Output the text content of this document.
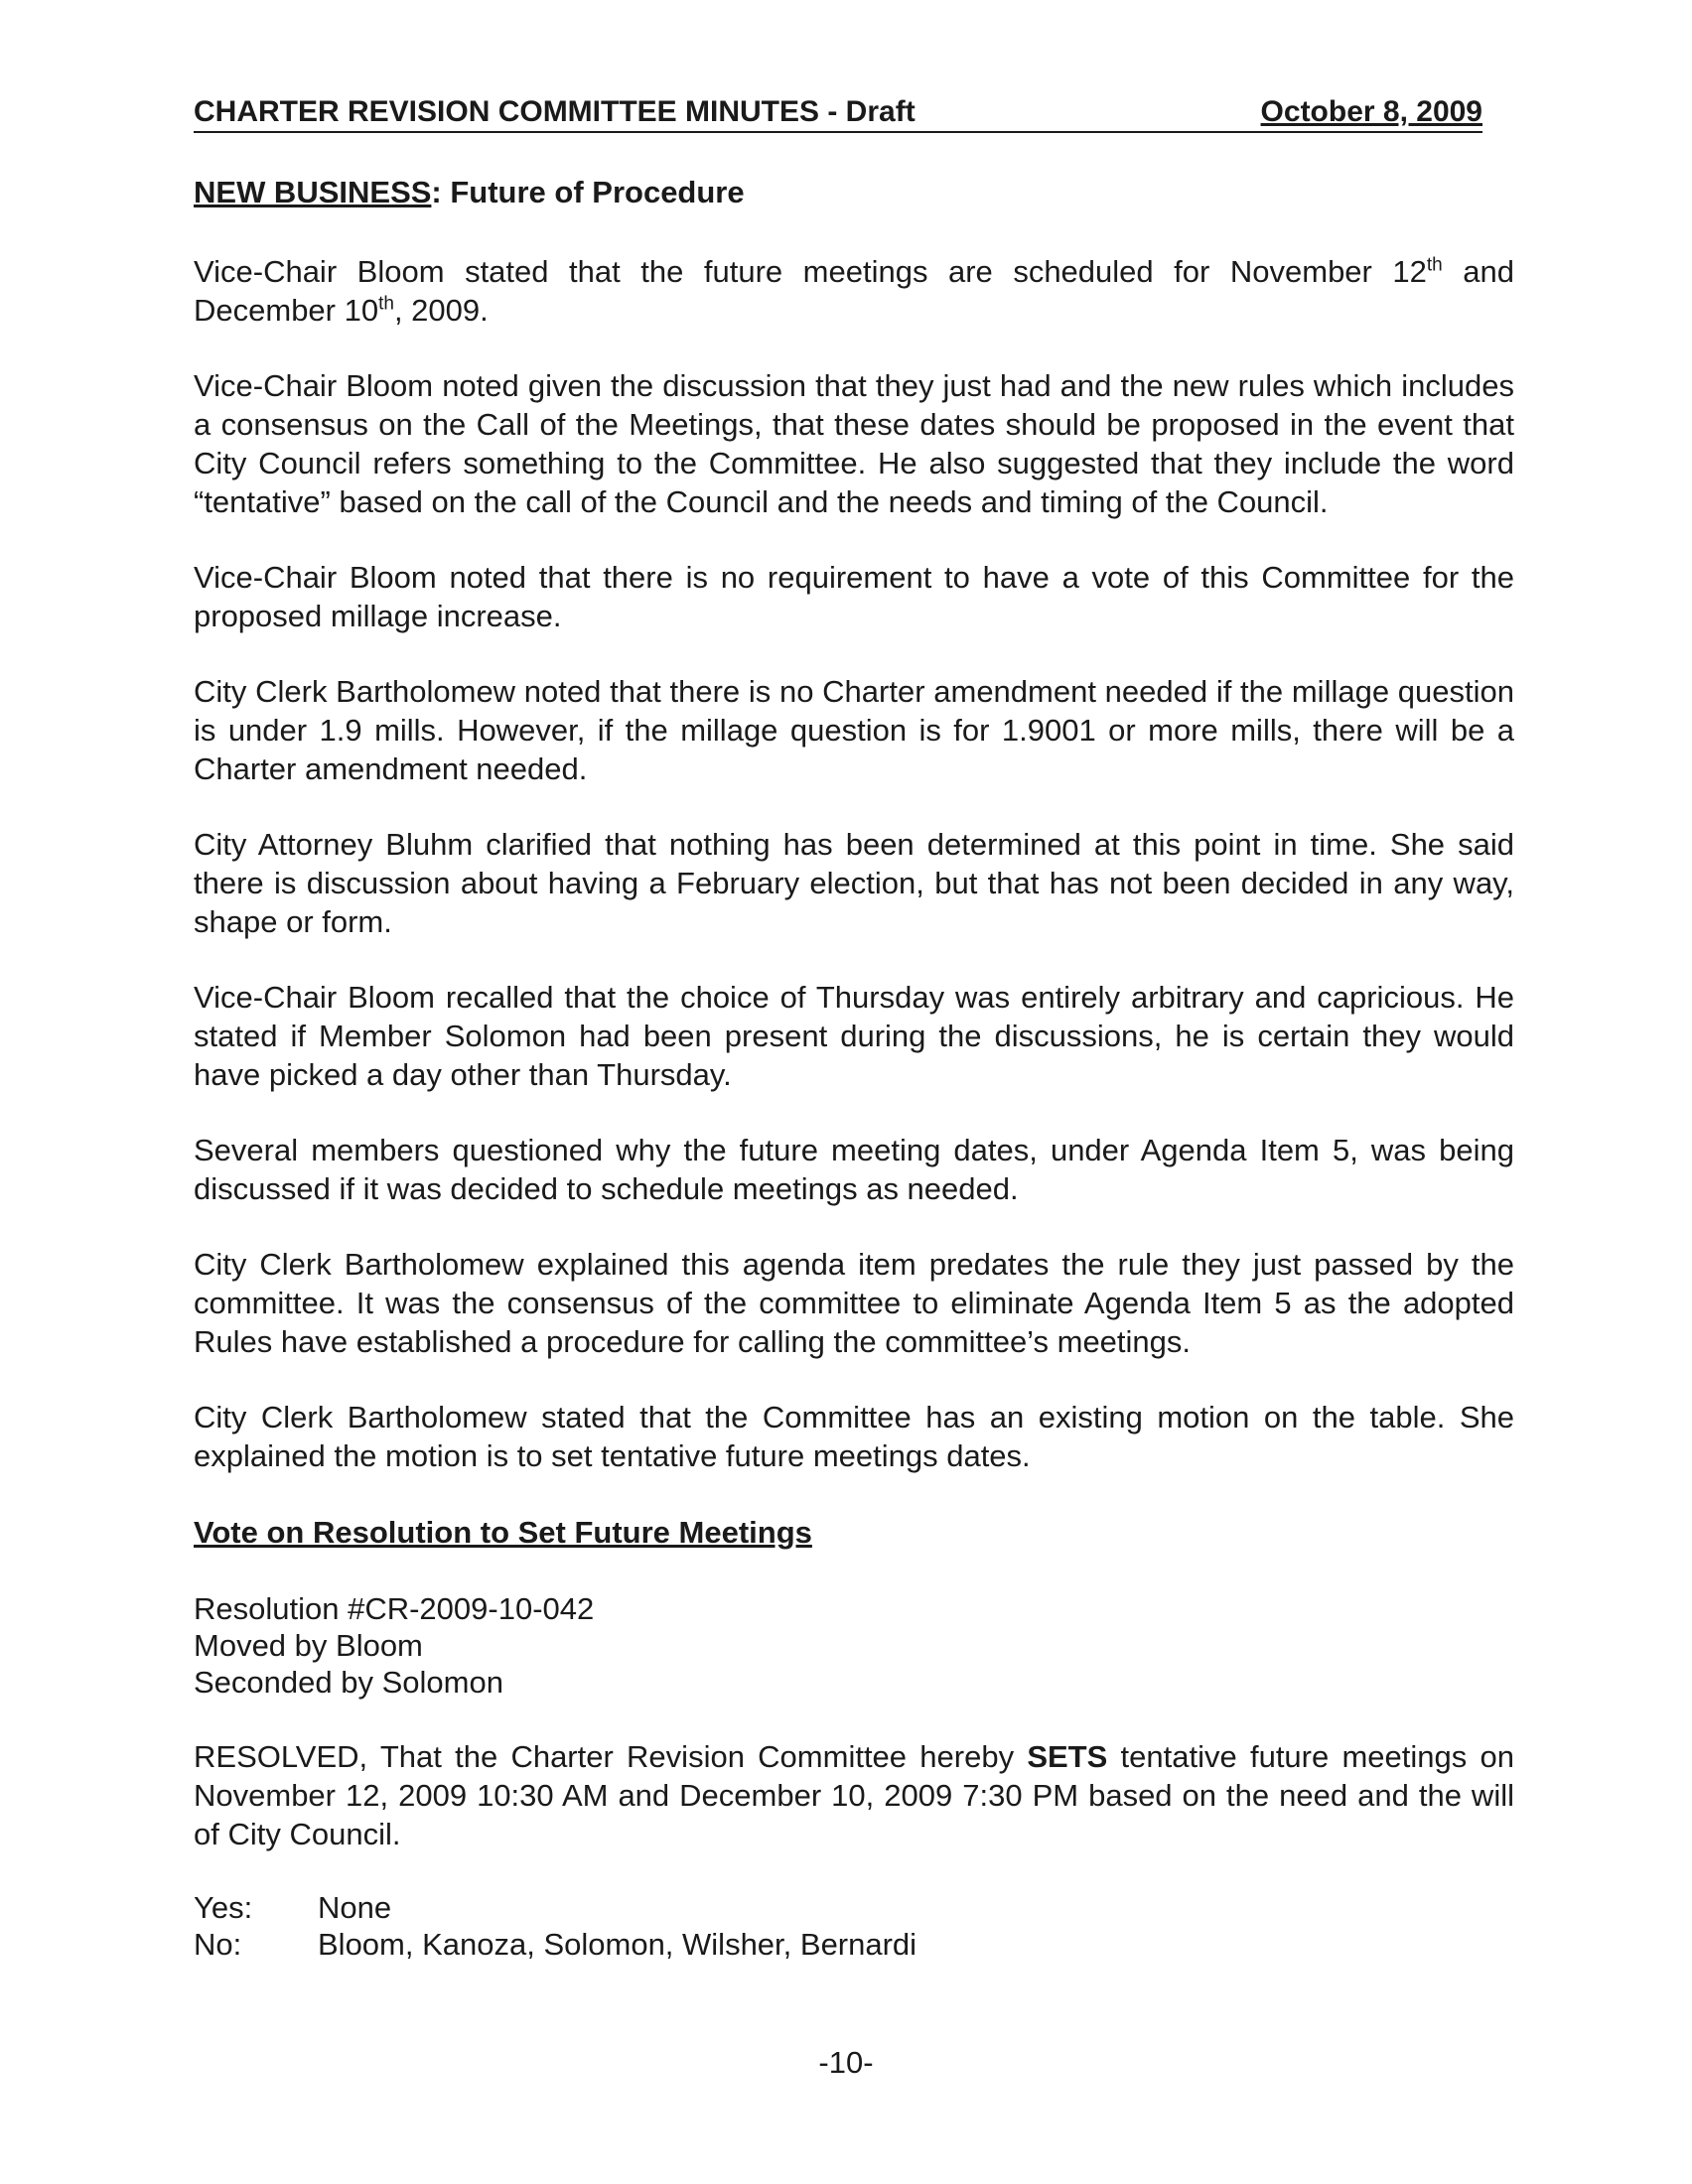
CHARTER REVISION COMMITTEE MINUTES - Draft	October 8, 2009
NEW BUSINESS: Future of Procedure

Vice-Chair Bloom stated that the future meetings are scheduled for November 12th and December 10th, 2009.

Vice-Chair Bloom noted given the discussion that they just had and the new rules which includes a consensus on the Call of the Meetings, that these dates should be proposed in the event that City Council refers something to the Committee. He also suggested that they include the word “tentative” based on the call of the Council and the needs and timing of the Council.

Vice-Chair Bloom noted that there is no requirement to have a vote of this Committee for the proposed millage increase.

City Clerk Bartholomew noted that there is no Charter amendment needed if the millage question is under 1.9 mills. However, if the millage question is for 1.9001 or more mills, there will be a Charter amendment needed.

City Attorney Bluhm clarified that nothing has been determined at this point in time. She said there is discussion about having a February election, but that has not been decided in any way, shape or form.

Vice-Chair Bloom recalled that the choice of Thursday was entirely arbitrary and capricious. He stated if Member Solomon had been present during the discussions, he is certain they would have picked a day other than Thursday.

Several members questioned why the future meeting dates, under Agenda Item 5, was being discussed if it was decided to schedule meetings as needed.

City Clerk Bartholomew explained this agenda item predates the rule they just passed by the committee. It was the consensus of the committee to eliminate Agenda Item 5 as the adopted Rules have established a procedure for calling the committee’s meetings.

City Clerk Bartholomew stated that the Committee has an existing motion on the table. She explained the motion is to set tentative future meetings dates.

Vote on Resolution to Set Future Meetings
Resolution #CR-2009-10-042
Moved by Bloom
Seconded by Solomon

RESOLVED, That the Charter Revision Committee hereby SETS tentative future meetings on November 12, 2009 10:30 AM and December 10, 2009 7:30 PM based on the need and the will of City Council.

Yes:	None
No:	Bloom, Kanoza, Solomon, Wilsher, Bernardi
-10-
